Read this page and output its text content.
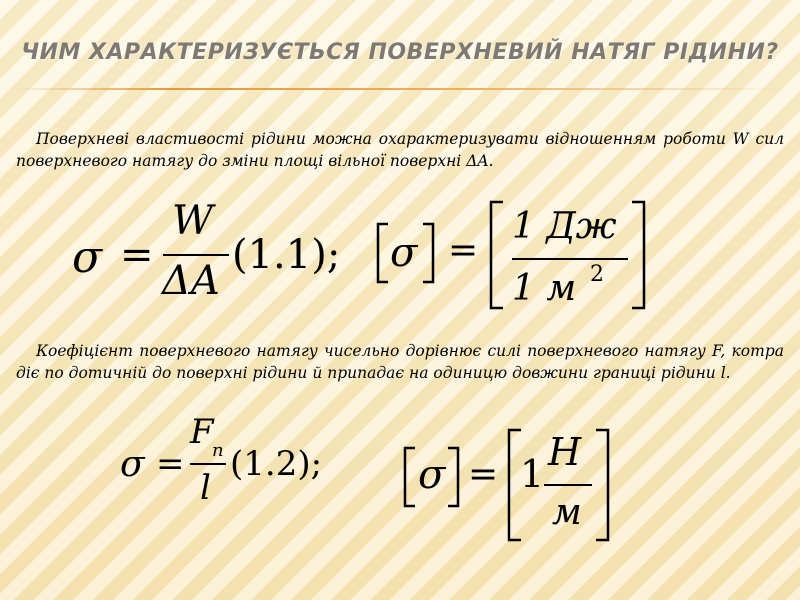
ЧИМ ХАРАКТЕРИЗУЄТЬСЯ ПОВЕРХНЕВИЙ НАТЯГ РІДИНИ?

Поверхневі властивості рідини можна охарактеризувати відношенням роботи W сил поверхневого натягу до зміни площі вільної поверхні ΔA.

σ =
W
ΔA
(1.1); σ =
1 Дж
1 м 2

Коефіцієнт поверхневого натягу чисельно дорівнює силі поверхневого натягу F, котра діє по дотичній до поверхні рідини й припадає на одиницю довжини границі рідини l.

σ =
F
n
l
(1.2); σ = 1 H
м
